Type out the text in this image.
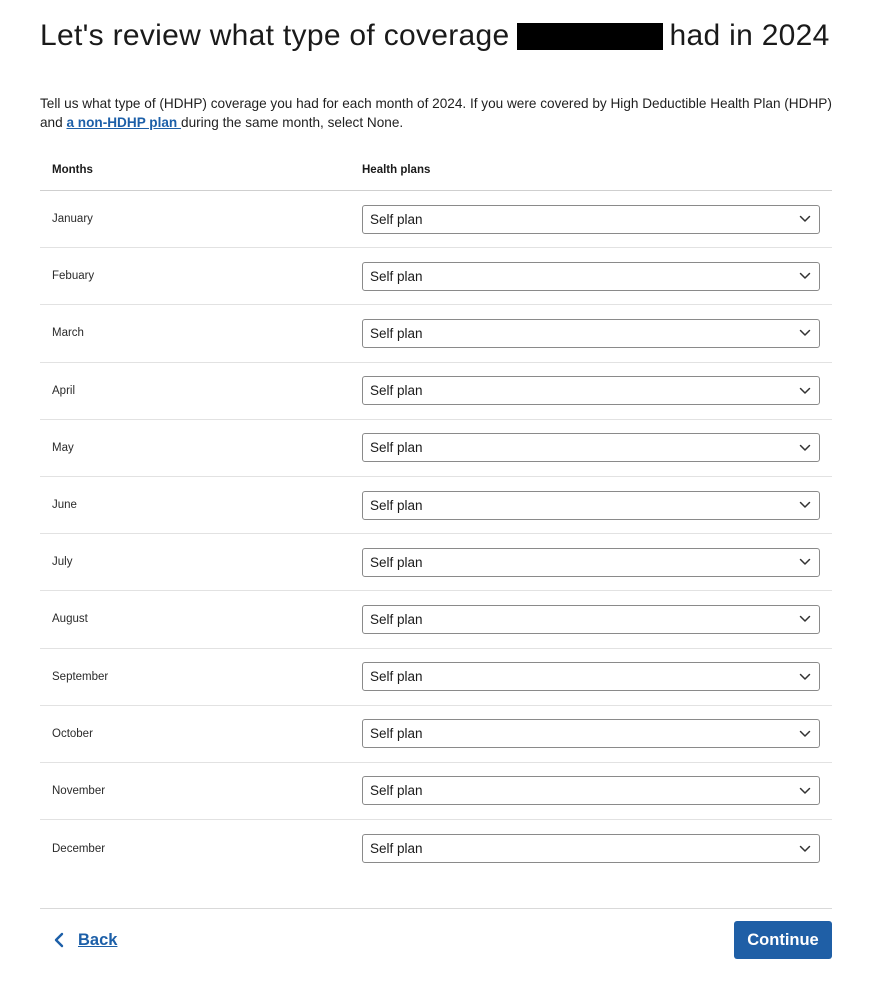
Let's review what type of coverage	had in 2024

Tell us what type of (HDHP) coverage you had for each month of 2024. If you were covered by High Deductible Health Plan (HDHP) and a non-HDHP plan during the same month, select None.

Months	Health plans
January	Self plan
Febuary	Self plan
March	Self plan
April	Self plan
May	Self plan
June	Self plan
July	Self plan
August	Self plan
September	Self plan
October	Self plan
November	Self plan
December	Self plan
Back	Continue
